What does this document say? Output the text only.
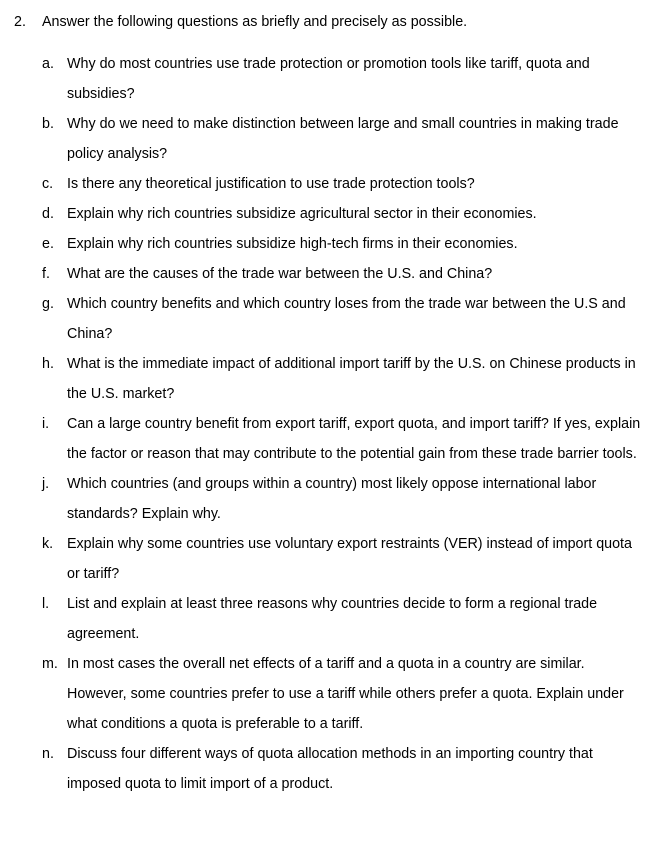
2. Answer the following questions as briefly and precisely as possible.
a. Why do most countries use trade protection or promotion tools like tariff, quota and subsidies?
b. Why do we need to make distinction between large and small countries in making trade policy analysis?
c. Is there any theoretical justification to use trade protection tools?
d. Explain why rich countries subsidize agricultural sector in their economies.
e. Explain why rich countries subsidize high-tech firms in their economies.
f. What are the causes of the trade war between the U.S. and China?
g. Which country benefits and which country loses from the trade war between the U.S and China?
h. What is the immediate impact of additional import tariff by the U.S. on Chinese products in the U.S. market?
i. Can a large country benefit from export tariff, export quota, and import tariff? If yes, explain the factor or reason that may contribute to the potential gain from these trade barrier tools.
j. Which countries (and groups within a country) most likely oppose international labor standards? Explain why.
k. Explain why some countries use voluntary export restraints (VER) instead of import quota or tariff?
l. List and explain at least three reasons why countries decide to form a regional trade agreement.
m. In most cases the overall net effects of a tariff and a quota in a country are similar. However, some countries prefer to use a tariff while others prefer a quota. Explain under what conditions a quota is preferable to a tariff.
n. Discuss four different ways of quota allocation methods in an importing country that imposed quota to limit import of a product.
